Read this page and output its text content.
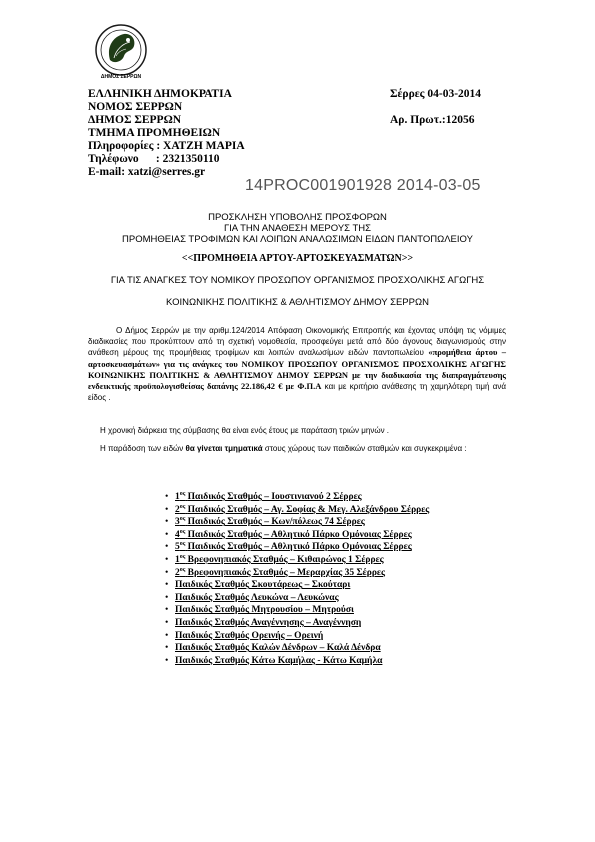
ΔΗΜΟΣ ΣΕΡΡΩΝ
ΕΛΛΗΝΙΚΗ ΔΗΜΟΚΡΑΤΙΑ
ΝΟΜΟΣ ΣΕΡΡΩΝ
ΔΗΜΟΣ ΣΕΡΡΩΝ
ΤΜΗΜΑ ΠΡΟΜΗΘΕΙΩΝ
Πληροφορίες : ΧΑΤΖΗ ΜΑΡΙΑ
Τηλέφωνο      : 2321350110
E-mail: xatzi@serres.gr
Σέρρες 04-03-2014
Αρ. Πρωτ.:12056
14PROC001901928 2014-03-05
ΠΡΟΣΚΛΗΣΗ ΥΠΟΒΟΛΗΣ ΠΡΟΣΦΟΡΩΝ
ΓΙΑ ΤΗΝ ΑΝΑΘΕΣΗ ΜΕΡΟΥΣ ΤΗΣ
ΠΡΟΜΗΘΕΙΑΣ ΤΡΟΦΙΜΩΝ ΚΑΙ ΛΟΙΠΩΝ ΑΝΑΛΩΣΙΜΩΝ ΕΙΔΩΝ ΠΑΝΤΟΠΩΛΕΙΟΥ
<<ΠΡΟΜΗΘΕΙΑ ΑΡΤΟΥ-ΑΡΤΟΣΚΕΥΑΣΜΑΤΩΝ>>
ΓΙΑ ΤΙΣ ΑΝΑΓΚΕΣ ΤΟΥ ΝΟΜΙΚΟΥ ΠΡΟΣΩΠΟΥ ΟΡΓΑΝΙΣΜΟΣ ΠΡΟΣΧΟΛΙΚΗΣ ΑΓΩΓΗΣ
ΚΟΙΝΩΝΙΚΗΣ ΠΟΛΙΤΙΚΗΣ & ΑΘΛΗΤΙΣΜΟΥ ΔΗΜΟΥ ΣΕΡΡΩΝ
Ο Δήμος Σερρών με την αριθμ.124/2014 Απόφαση Οικονομικής Επιτροπής και έχοντας υπόψη τις νόμιμες διαδικασίες που προκύπτουν από τη σχετική νομοθεσία, προσφεύγει μετά από δύο άγονους διαγωνισμούς στην ανάθεση μέρους της προμήθειας τροφίμων και λοιπών αναλωσίμων ειδών παντοπωλείου «προμήθεια άρτου – αρτοσκευασμάτων» για τις ανάγκες του ΝΟΜΙΚΟΥ ΠΡΟΣΩΠΟΥ ΟΡΓΑΝΙΣΜΟΣ ΠΡΟΣΧΟΛΙΚΗΣ ΑΓΩΓΗΣ ΚΟΙΝΩΝΙΚΗΣ ΠΟΛΙΤΙΚΗΣ & ΑΘΛΗΤΙΣΜΟΥ ΔΗΜΟΥ ΣΕΡΡΩΝ με την διαδικασία της διαπραγμάτευσης ενδεικτικής προϋπολογισθείσας δαπάνης 22.186,42 € με Φ.Π.Α και με κριτήριο ανάθεσης τη χαμηλότερη τιμή ανά είδος .
Η χρονική διάρκεια της σύμβασης θα είναι ενός έτους με παράταση τριών μηνών .
Η παράδοση των ειδών θα γίνεται τμηματικά στους χώρους των παιδικών σταθμών και συγκεκριμένα :
• $1^{o\varsigma}$ Παιδικός Σταθμός – Ιουστινιανού 2 Σέρρες
• $2^{o\varsigma}$ Παιδικός Σταθμός – Αγ. Σοφίας & Μεγ. Αλεξάνδρου Σέρρες
• $3^{o\varsigma}$ Παιδικός Σταθμός – Κων/πόλεως 74 Σέρρες
• $4^{o\varsigma}$ Παιδικός Σταθμός – Αθλητικό Πάρκο Ομόνοιας Σέρρες
• $5^{o\varsigma}$ Παιδικός Σταθμός – Αθλητικό Πάρκο Ομόνοιας Σέρρες
• $1^{o\varsigma}$ Βρεφονηπιακός Σταθμός – Κιθαιρώνος 1 Σέρρες
• $2^{o\varsigma}$ Βρεφονηπιακός Σταθμός – Μεραρχίας 35 Σέρρες
• Παιδικός Σταθμός Σκουτάρεως – Σκούταρι
• Παιδικός Σταθμός Λευκώνα – Λευκώνας
• Παιδικός Σταθμός Μητρουσίου – Μητρούσι
• Παιδικός Σταθμός Αναγέννησης – Αναγέννηση
• Παιδικός Σταθμός Ορεινής – Ορεινή
• Παιδικός Σταθμός Καλών Δένδρων – Καλά Δένδρα
• Παιδικός Σταθμός Κάτω Καμήλας - Κάτω Καμήλα
